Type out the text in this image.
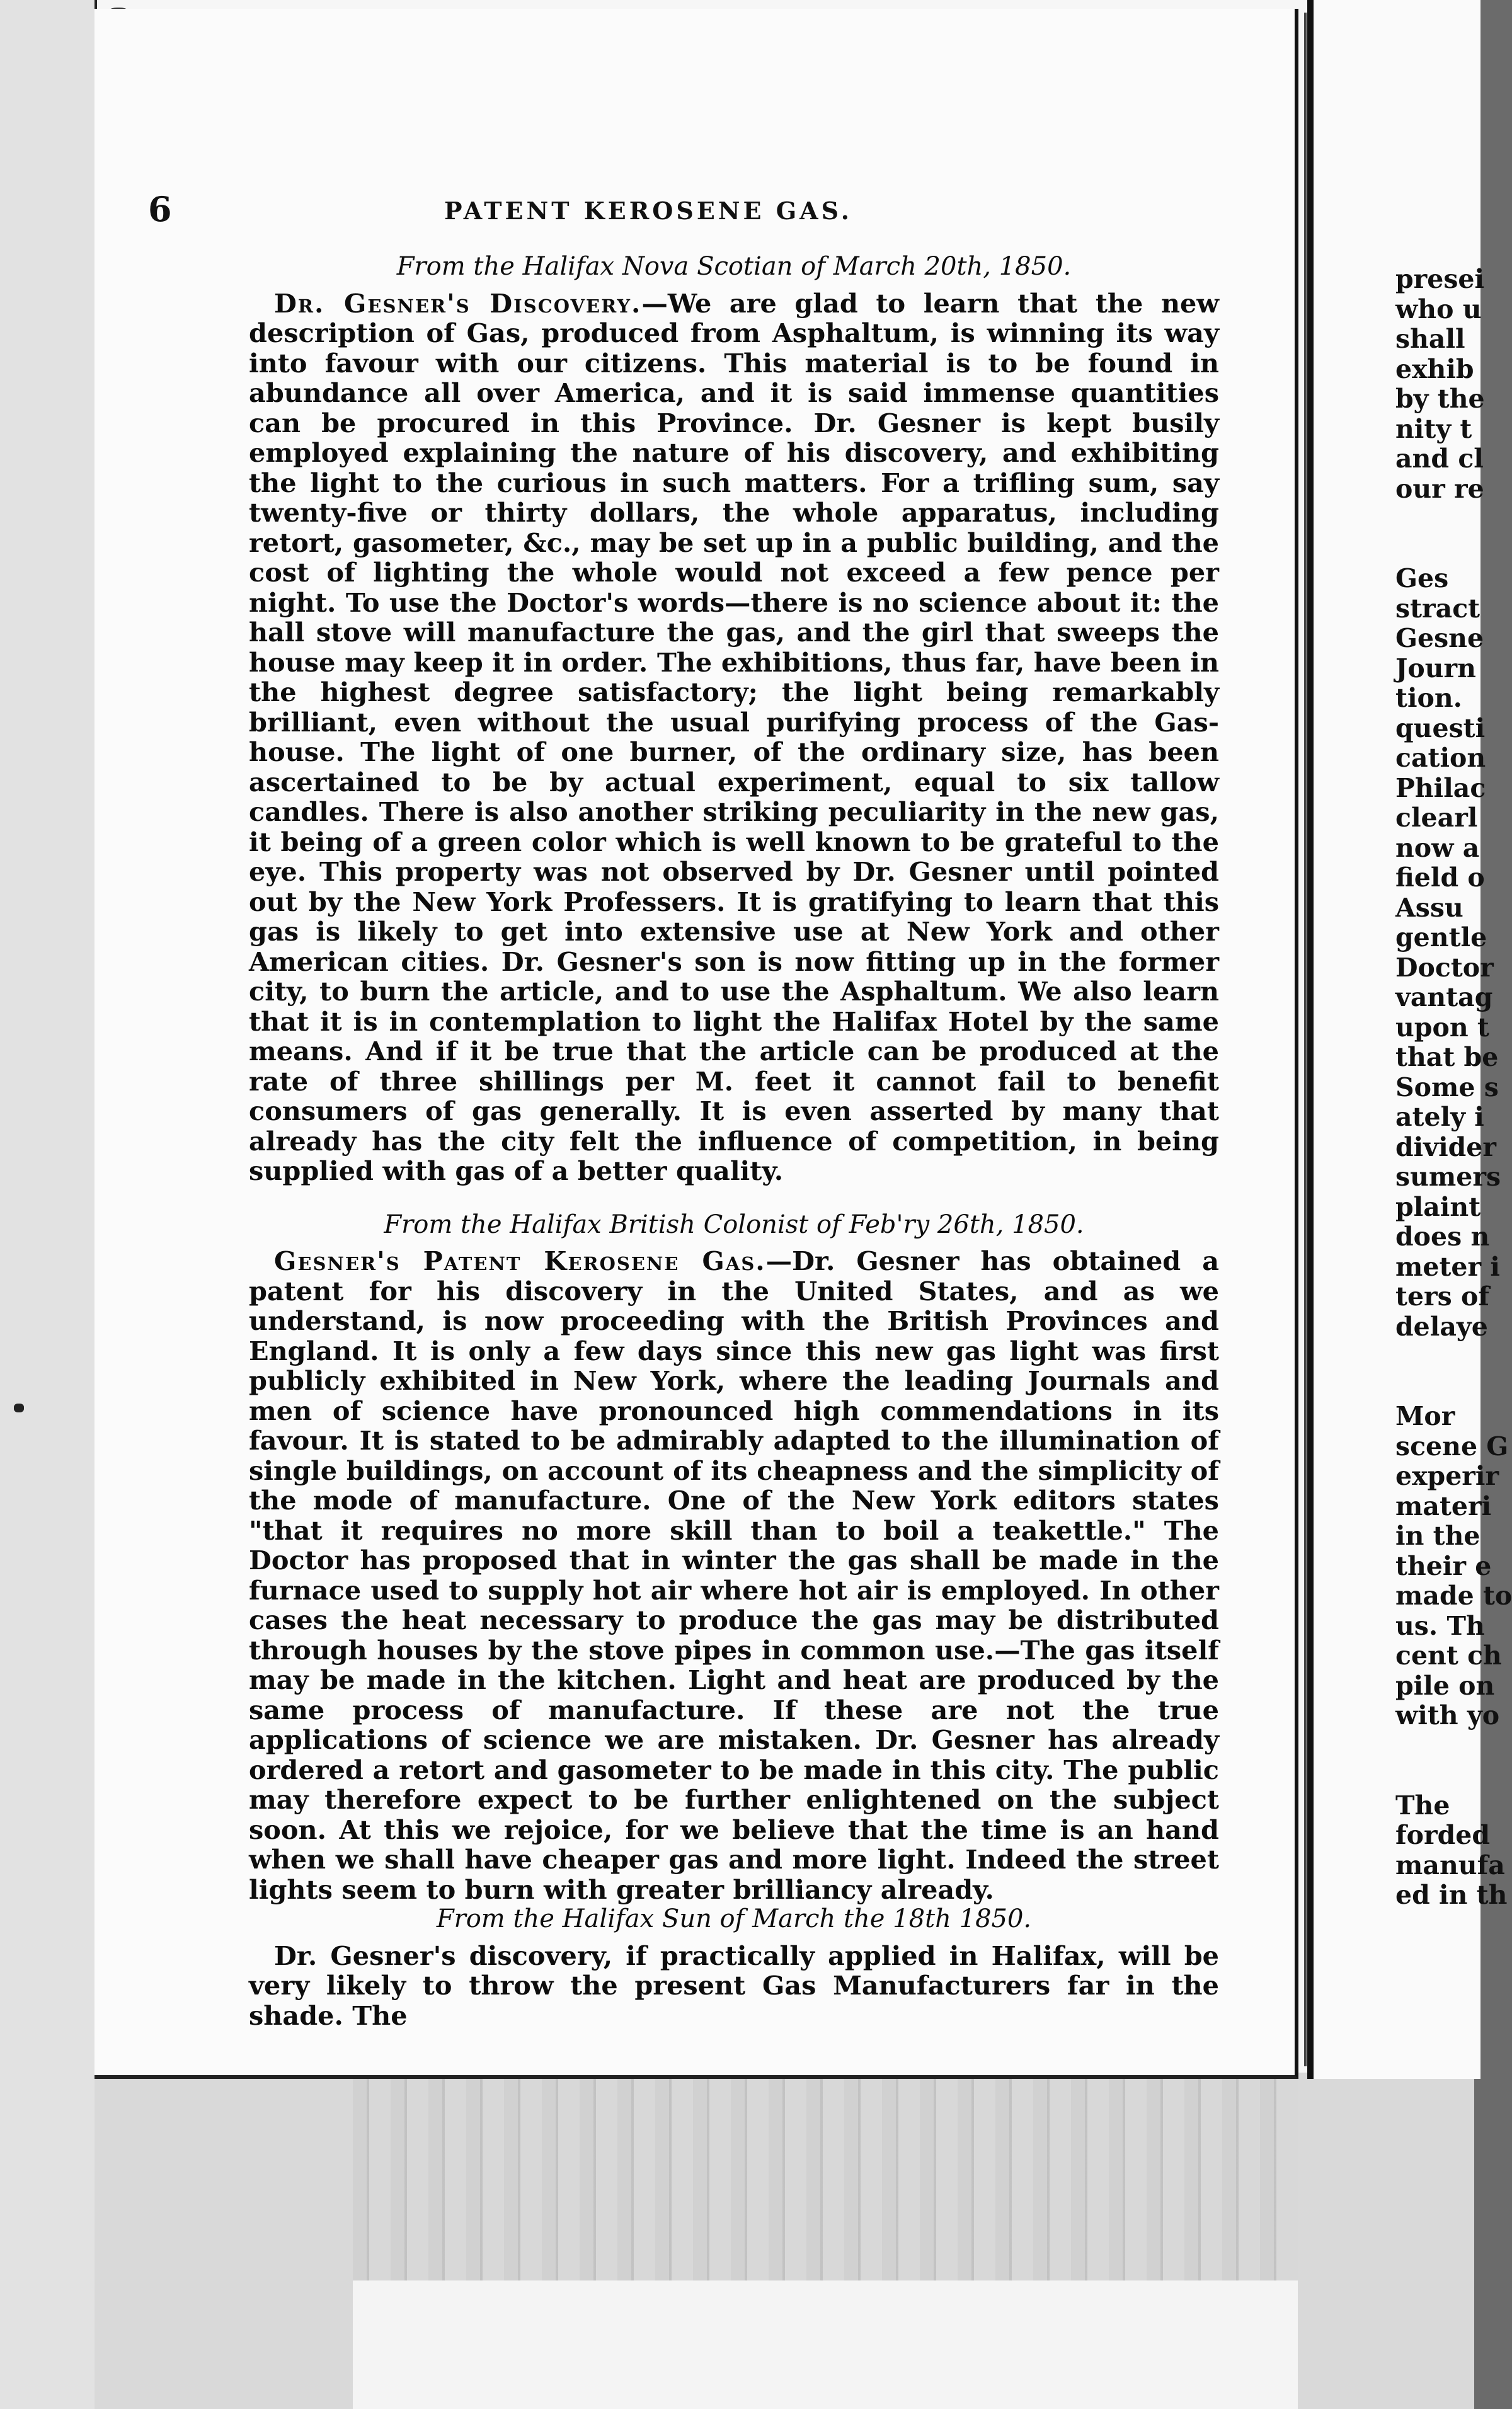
6	PATENT KEROSENE GAS.
From the Halifax Nova Scotian of March 20th, 1850.

Dr. Gesner's Discovery.—We are glad to learn that the new description of Gas, produced from Asphaltum, is winning its way into favour with our citizens. This material is to be found in abundance all over America, and it is said immense quantities can be procured in this Province. Dr. Gesner is kept busily employed explaining the nature of his discovery, and exhibiting the light to the curious in such matters. For a trifling sum, say twenty-five or thirty dollars, the whole apparatus, including retort, gasometer, &c., may be set up in a public building, and the cost of lighting the whole would not exceed a few pence per night. To use the Doctor's words—there is no science about it: the hall stove will manufacture the gas, and the girl that sweeps the house may keep it in order. The exhibitions, thus far, have been in the highest degree satisfactory; the light being remarkably brilliant, even without the usual purifying process of the Gas-house. The light of one burner, of the ordinary size, has been ascertained to be by actual experiment, equal to six tallow candles. There is also another striking peculiarity in the new gas, it being of a green color which is well known to be grateful to the eye. This property was not observed by Dr. Gesner until pointed out by the New York Professers. It is gratifying to learn that this gas is likely to get into extensive use at New York and other American cities. Dr. Gesner's son is now fitting up in the former city, to burn the article, and to use the Asphaltum. We also learn that it is in contemplation to light the Halifax Hotel by the same means. And if it be true that the article can be produced at the rate of three shillings per M. feet it cannot fail to benefit consumers of gas generally. It is even asserted by many that already has the city felt the influence of competition, in being supplied with gas of a better quality.

From the Halifax British Colonist of Feb'ry 26th, 1850.

Gesner's Patent Kerosene Gas.—Dr. Gesner has obtained a patent for his discovery in the United States, and as we understand, is now proceeding with the British Provinces and England. It is only a few days since this new gas light was first publicly exhibited in New York, where the leading Journals and men of science have pronounced high commendations in its favour. It is stated to be admirably adapted to the illumination of single buildings, on account of its cheapness and the simplicity of the mode of manufacture. One of the New York editors states "that it requires no more skill than to boil a teakettle." The Doctor has proposed that in winter the gas shall be made in the furnace used to supply hot air where hot air is employed. In other cases the heat necessary to produce the gas may be distributed through houses by the stove pipes in common use.—The gas itself may be made in the kitchen. Light and heat are produced by the same process of manufacture. If these are not the true applications of science we are mistaken. Dr. Gesner has already ordered a retort and gasometer to be made in this city. The public may therefore expect to be further enlightened on the subject soon. At this we rejoice, for we believe that the time is an hand when we shall have cheaper gas and more light. Indeed the street lights seem to burn with greater brilliancy already.

From the Halifax Sun of March the 18th 1850.

Dr. Gesner's discovery, if practically applied in Halifax, will be very likely to throw the present Gas Manufacturers far in the shade. The

presei
who u
shall
exhib
by the
nity t
and cl
our re

Ges
stract
Gesne
Journ
tion.
questi
cation
Philac
clearl
now a
field o
Assu
gentle
Doctor
vantag
upon t
that be
Some s
ately i
divider
sumers
plaint
does n
meter i
ters of
delaye

Mor
scene G
experir
materi
in the
their e
made to
us. Th
cent ch
pile on
with yo

The
forded
manufa
ed in th
